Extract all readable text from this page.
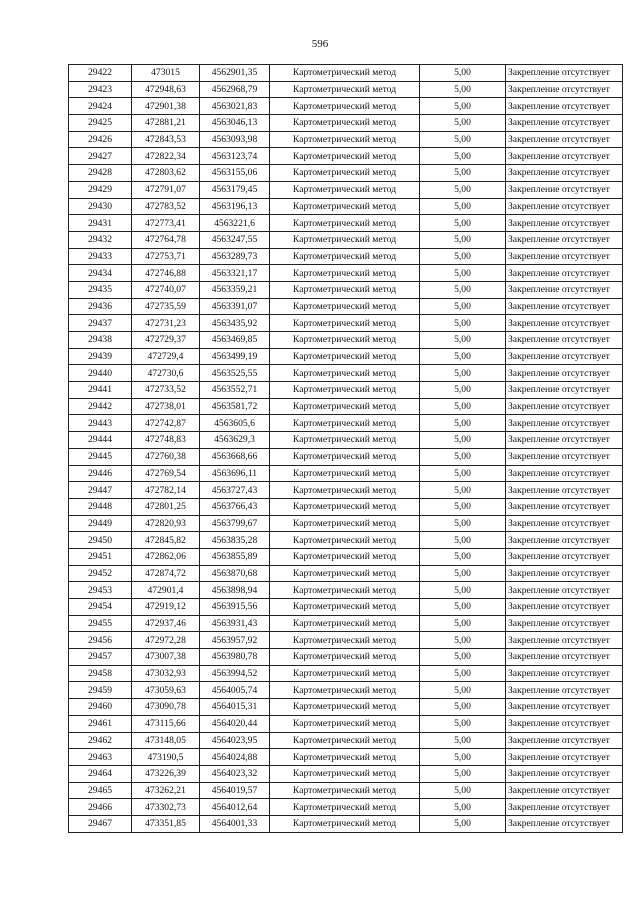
596
29422	473015	4562901,35	Картометрический метод	5,00	Закрепление отсутствует
29423	472948,63	4562968,79	Картометрический метод	5,00	Закрепление отсутствует
29424	472901,38	4563021,83	Картометрический метод	5,00	Закрепление отсутствует
29425	472881,21	4563046,13	Картометрический метод	5,00	Закрепление отсутствует
29426	472843,53	4563093,98	Картометрический метод	5,00	Закрепление отсутствует
29427	472822,34	4563123,74	Картометрический метод	5,00	Закрепление отсутствует
29428	472803,62	4563155,06	Картометрический метод	5,00	Закрепление отсутствует
29429	472791,07	4563179,45	Картометрический метод	5,00	Закрепление отсутствует
29430	472783,52	4563196,13	Картометрический метод	5,00	Закрепление отсутствует
29431	472773,41	4563221,6	Картометрический метод	5,00	Закрепление отсутствует
29432	472764,78	4563247,55	Картометрический метод	5,00	Закрепление отсутствует
29433	472753,71	4563289,73	Картометрический метод	5,00	Закрепление отсутствует
29434	472746,88	4563321,17	Картометрический метод	5,00	Закрепление отсутствует
29435	472740,07	4563359,21	Картометрический метод	5,00	Закрепление отсутствует
29436	472735,59	4563391,07	Картометрический метод	5,00	Закрепление отсутствует
29437	472731,23	4563435,92	Картометрический метод	5,00	Закрепление отсутствует
29438	472729,37	4563469,85	Картометрический метод	5,00	Закрепление отсутствует
29439	472729,4	4563499,19	Картометрический метод	5,00	Закрепление отсутствует
29440	472730,6	4563525,55	Картометрический метод	5,00	Закрепление отсутствует
29441	472733,52	4563552,71	Картометрический метод	5,00	Закрепление отсутствует
29442	472738,01	4563581,72	Картометрический метод	5,00	Закрепление отсутствует
29443	472742,87	4563605,6	Картометрический метод	5,00	Закрепление отсутствует
29444	472748,83	4563629,3	Картометрический метод	5,00	Закрепление отсутствует
29445	472760,38	4563668,66	Картометрический метод	5,00	Закрепление отсутствует
29446	472769,54	4563696,11	Картометрический метод	5,00	Закрепление отсутствует
29447	472782,14	4563727,43	Картометрический метод	5,00	Закрепление отсутствует
29448	472801,25	4563766,43	Картометрический метод	5,00	Закрепление отсутствует
29449	472820,93	4563799,67	Картометрический метод	5,00	Закрепление отсутствует
29450	472845,82	4563835,28	Картометрический метод	5,00	Закрепление отсутствует
29451	472862,06	4563855,89	Картометрический метод	5,00	Закрепление отсутствует
29452	472874,72	4563870,68	Картометрический метод	5,00	Закрепление отсутствует
29453	472901,4	4563898,94	Картометрический метод	5,00	Закрепление отсутствует
29454	472919,12	4563915,56	Картометрический метод	5,00	Закрепление отсутствует
29455	472937,46	4563931,43	Картометрический метод	5,00	Закрепление отсутствует
29456	472972,28	4563957,92	Картометрический метод	5,00	Закрепление отсутствует
29457	473007,38	4563980,78	Картометрический метод	5,00	Закрепление отсутствует
29458	473032,93	4563994,52	Картометрический метод	5,00	Закрепление отсутствует
29459	473059,63	4564005,74	Картометрический метод	5,00	Закрепление отсутствует
29460	473090,78	4564015,31	Картометрический метод	5,00	Закрепление отсутствует
29461	473115,66	4564020,44	Картометрический метод	5,00	Закрепление отсутствует
29462	473148,05	4564023,95	Картометрический метод	5,00	Закрепление отсутствует
29463	473190,5	4564024,88	Картометрический метод	5,00	Закрепление отсутствует
29464	473226,39	4564023,32	Картометрический метод	5,00	Закрепление отсутствует
29465	473262,21	4564019,57	Картометрический метод	5,00	Закрепление отсутствует
29466	473302,73	4564012,64	Картометрический метод	5,00	Закрепление отсутствует
29467	473351,85	4564001,33	Картометрический метод	5,00	Закрепление отсутствует
